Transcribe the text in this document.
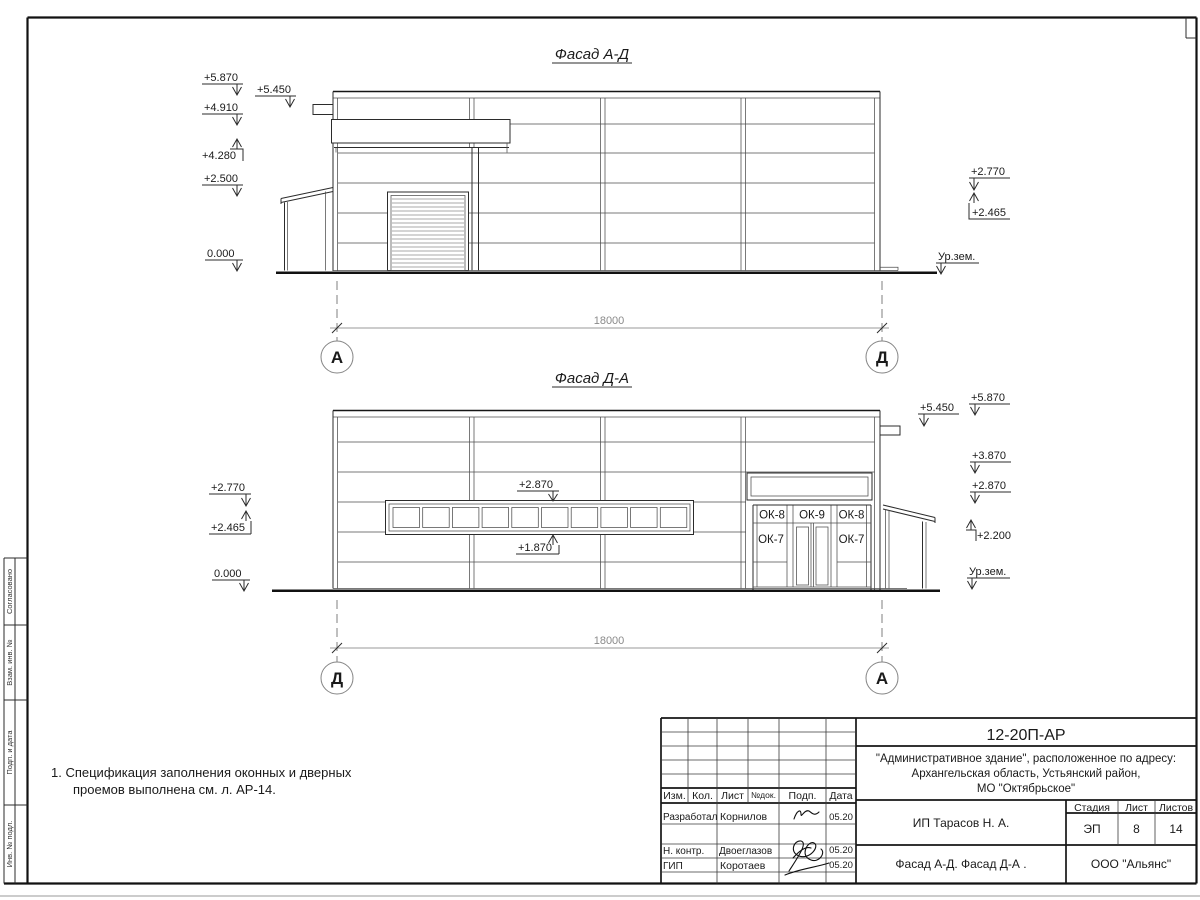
Согласовано
Взам. инв. №
Подп. и дата
Инв. № подл.
Фасад А-Д
18000
А	Д
+5.870
+5.450
+4.910
+4.280
+2.500
0.000
+2.770
+2.465
Ур.зем.
Фасад Д-А
ОК-8 ОК-9 ОК-8
ОК-7	ОК-7
18000
Д	А
+2.770
+2.465
0.000
+2.870
+1.870
+5.870
+5.450
+3.870
+2.870
+2.200
Ур.зем.
1. Спецификация заполнения оконных и дверных
проемов выполнена см. л. АР-14.	Изм. Кол. Лист №док. Подп. Дата
Разработал Корнилов	05.20
Н. контр. Двоеглазов	05.20
ГИП	Коротаев	05.20
12-20П-АР
"Административное здание", расположенное по адресу:
Архангельская область, Устьянский район,
МО "Октябрьское"
ИП Тарасов Н. А.
Стадия Лист Листов
ЭП	8 14
Фасад А-Д. Фасад Д-А .	ООО "Альянс"
